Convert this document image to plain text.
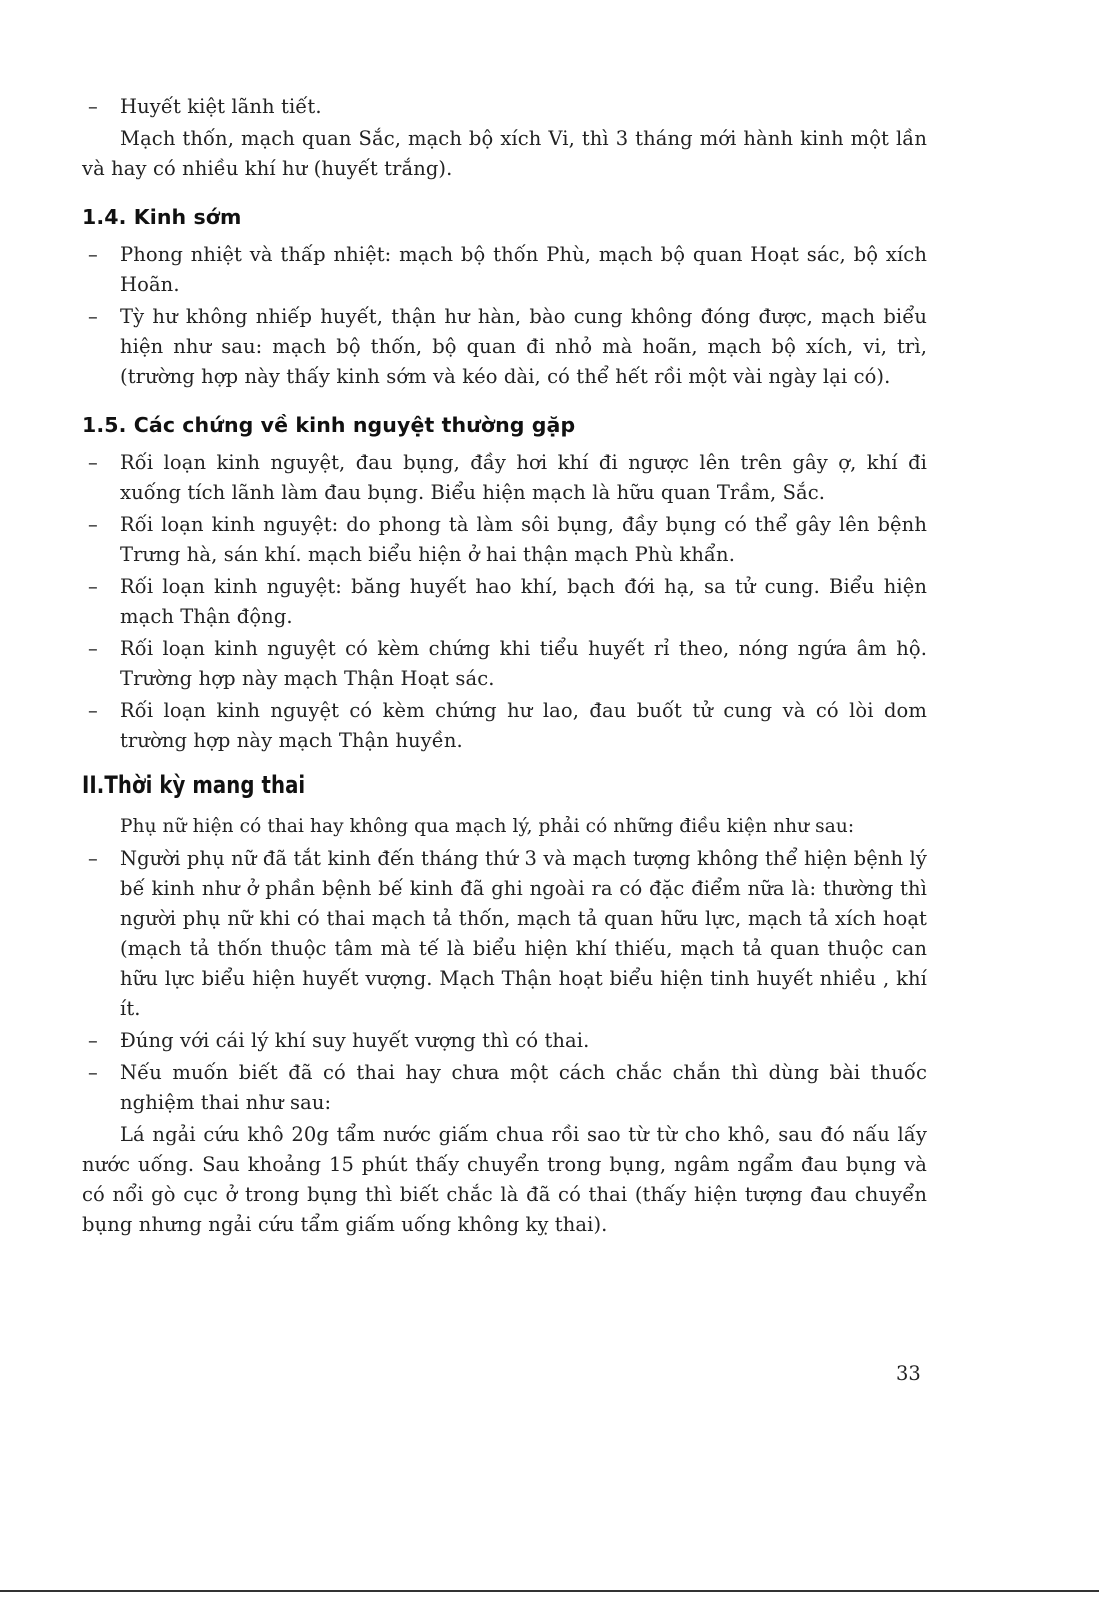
– Huyết kiệt lãnh tiết.

Mạch thốn, mạch quan Sắc, mạch bộ xích Vi, thì 3 tháng mới hành kinh một lần và hay có nhiều khí hư (huyết trắng).

1.4. Kinh sớm
– Phong nhiệt và thấp nhiệt: mạch bộ thốn Phù, mạch bộ quan Hoạt sác, bộ xích Hoãn.
– Tỳ hư không nhiếp huyết, thận hư hàn, bào cung không đóng được, mạch biểu hiện như sau: mạch bộ thốn, bộ quan đi nhỏ mà hoãn, mạch bộ xích, vi, trì, (trường hợp này thấy kinh sớm và kéo dài, có thể hết rồi một vài ngày lại có).
1.5. Các chứng về kinh nguyệt thường gặp
– Rối loạn kinh nguyệt, đau bụng, đầy hơi khí đi ngược lên trên gây ợ, khí đi xuống tích lãnh làm đau bụng. Biểu hiện mạch là hữu quan Trầm, Sắc.
– Rối loạn kinh nguyệt: do phong tà làm sôi bụng, đầy bụng có thể gây lên bệnh Trưng hà, sán khí. mạch biểu hiện ở hai thận mạch Phù khẩn.
– Rối loạn kinh nguyệt: băng huyết hao khí, bạch đới hạ, sa tử cung. Biểu hiện mạch Thận động.
– Rối loạn kinh nguyệt có kèm chứng khi tiểu huyết rỉ theo, nóng ngứa âm hộ. Trường hợp này mạch Thận Hoạt sác.
– Rối loạn kinh nguyệt có kèm chứng hư lao, đau buốt tử cung và có lòi dom trường hợp này mạch Thận huyền.
II.Thời kỳ mang thai

Phụ nữ hiện có thai hay không qua mạch lý, phải có những điều kiện như sau:

– Người phụ nữ đã tắt kinh đến tháng thứ 3 và mạch tượng không thể hiện bệnh lý bế kinh như ở phần bệnh bế kinh đã ghi ngoài ra có đặc điểm nữa là: thường thì người phụ nữ khi có thai mạch tả thốn, mạch tả quan hữu lực, mạch tả xích hoạt (mạch tả thốn thuộc tâm mà tế là biểu hiện khí thiếu, mạch tả quan thuộc can hữu lực biểu hiện huyết vượng. Mạch Thận hoạt biểu hiện tinh huyết nhiều , khí ít.
– Đúng với cái lý khí suy huyết vượng thì có thai.
– Nếu muốn biết đã có thai hay chưa một cách chắc chắn thì dùng bài thuốc nghiệm thai như sau:

Lá ngải cứu khô 20g tẩm nước giấm chua rồi sao từ từ cho khô, sau đó nấu lấy nước uống. Sau khoảng 15 phút thấy chuyển trong bụng, ngâm ngẩm đau bụng và có nổi gò cục ở trong bụng thì biết chắc là đã có thai (thấy hiện tượng đau chuyển bụng nhưng ngải cứu tẩm giấm uống không kỵ thai).

33
